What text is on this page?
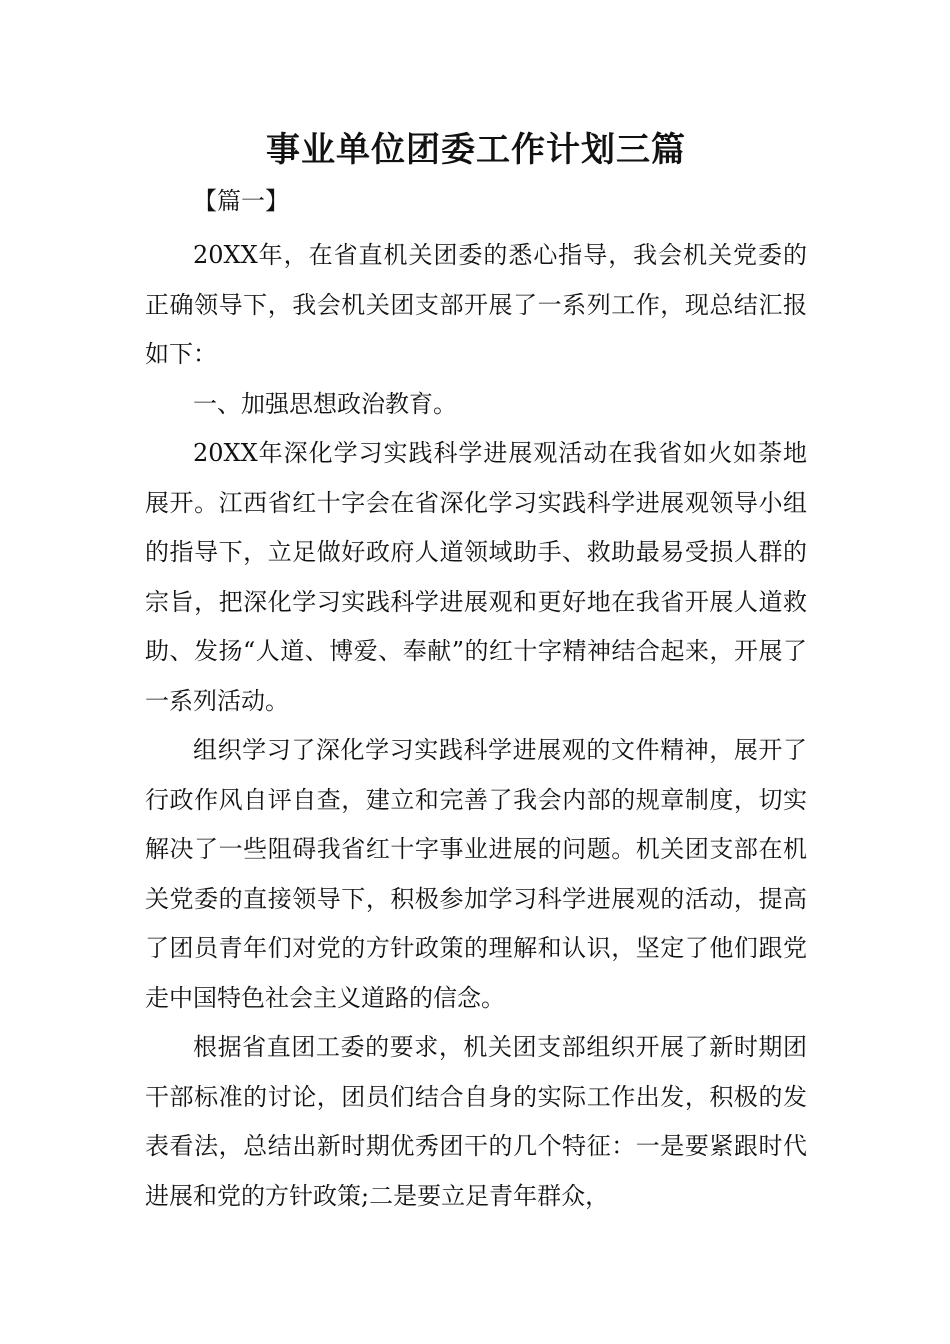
事业单位团委工作计划三篇

【篇一】

20XX年，在省直机关团委的悉心指导，我会机关党委的正确领导下，我会机关团支部开展了一系列工作，现总结汇报如下：

一、加强思想政治教育。

20XX年深化学习实践科学进展观活动在我省如火如荼地展开。江西省红十字会在省深化学习实践科学进展观领导小组的指导下，立足做好政府人道领域助手、救助最易受损人群的宗旨，把深化学习实践科学进展观和更好地在我省开展人道救助、发扬“人道、博爱、奉献”的红十字精神结合起来，开展了一系列活动。

组织学习了深化学习实践科学进展观的文件精神，展开了行政作风自评自查，建立和完善了我会内部的规章制度，切实解决了一些阻碍我省红十字事业进展的问题。机关团支部在机关党委的直接领导下，积极参加学习科学进展观的活动，提高了团员青年们对党的方针政策的理解和认识，坚定了他们跟党走中国特色社会主义道路的信念。

根据省直团工委的要求，机关团支部组织开展了新时期团干部标准的讨论，团员们结合自身的实际工作出发，积极的发表看法，总结出新时期优秀团干的几个特征：一是要紧跟时代进展和党的方针政策;二是要立足青年群众，
